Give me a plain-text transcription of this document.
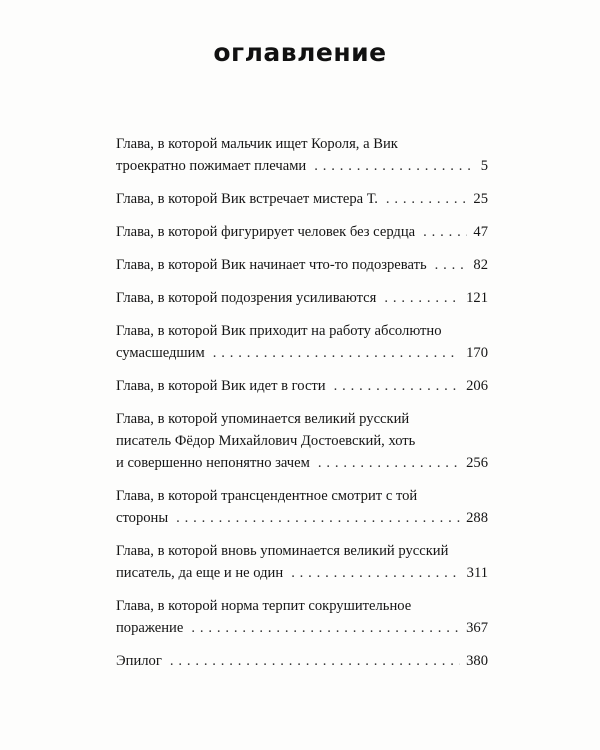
оглавление
Глава, в которой мальчик ищет Короля, а Вик
троекратно пожимает плечами . . .	5
Глава, в которой Вик встречает мистера Т. . . .	25
Глава, в которой фигурирует человек без сердца . . .	47
Глава, в которой Вик начинает что-то подозревать . . .	82
Глава, в которой подозрения усиливаются . . .	121
Глава, в которой Вик приходит на работу абсолютно
сумасшедшим . . .	170
Глава, в которой Вик идет в гости . . .	206
Глава, в которой упоминается великий русский
писатель Фёдор Михайлович Достоевский, хоть
и совершенно непонятно зачем . . .	256
Глава, в которой трансцендентное смотрит с той
стороны . . .	288
Глава, в которой вновь упоминается великий русский
писатель, да еще и не один . . .	311
Глава, в которой норма терпит сокрушительное
поражение . . .	367
Эпилог . . .	380
